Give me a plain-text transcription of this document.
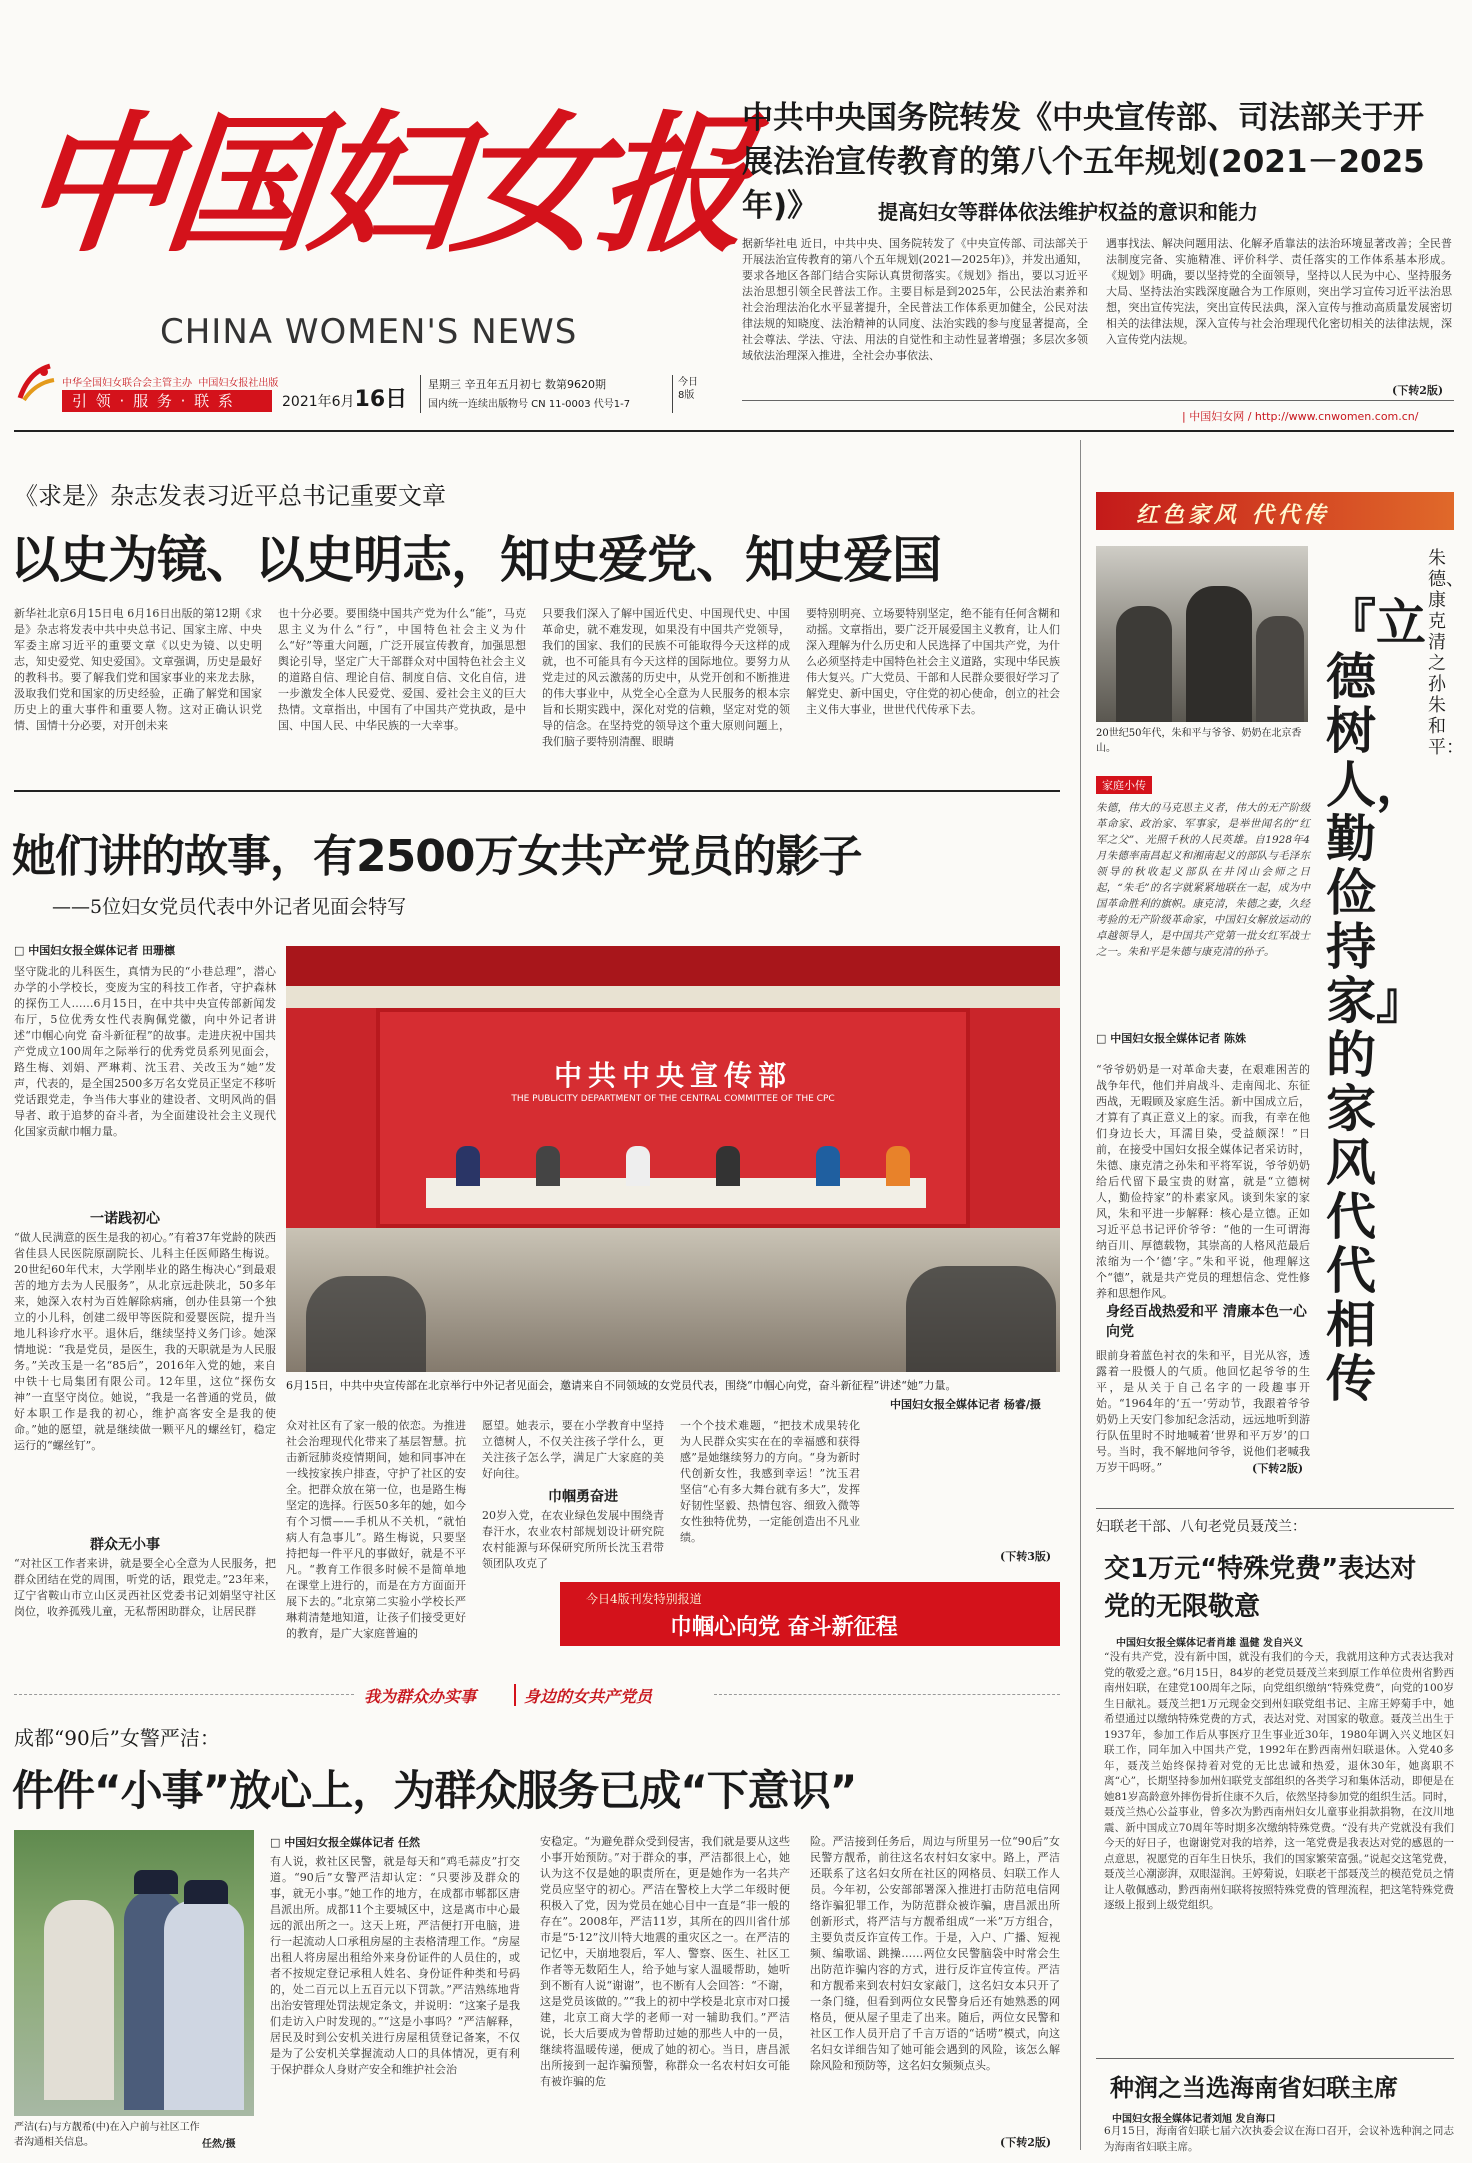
中国妇女报
CHINA WOMEN'S NEWS
中华全国妇女联合会主管主办 中国妇女报社出版
引 领 · 服 务 · 联 系	2021年6月16日
星期三 辛丑年五月初七 数第9620期
国内统一连续出版物号 CN 11-0003 代号1-7
今日8版
中共中央国务院转发《中央宣传部、司法部关于开展法治宣传教育的第八个五年规划(2021－2025年)》	提高妇女等群体依法维护权益的意识和能力
据新华社电 近日，中共中央、国务院转发了《中央宣传部、司法部关于开展法治宣传教育的第八个五年规划(2021—2025年)》，并发出通知，要求各地区各部门结合实际认真贯彻落实。《规划》指出，要以习近平法治思想引领全民普法工作。主要目标是到2025年，公民法治素养和社会治理法治化水平显著提升，全民普法工作体系更加健全，公民对法律法规的知晓度、法治精神的认同度、法治实践的参与度显著提高，全社会尊法、学法、守法、用法的自觉性和主动性显著增强；多层次多领域依法治理深入推进，全社会办事依法、
遇事找法、解决问题用法、化解矛盾靠法的法治环境显著改善；全民普法制度完备、实施精准、评价科学、责任落实的工作体系基本形成。《规划》明确，要以坚持党的全面领导，坚持以人民为中心、坚持服务大局、坚持法治实践深度融合为工作原则，突出学习宣传习近平法治思想，突出宣传宪法，突出宣传民法典，深入宣传与推动高质量发展密切相关的法律法规，深入宣传与社会治理现代化密切相关的法律法规，深入宣传党内法规。
(下转2版)
| 中国妇女网 / http://www.cnwomen.com.cn/
《求是》杂志发表习近平总书记重要文章
以史为镜、以史明志，知史爱党、知史爱国
新华社北京6月15日电 6月16日出版的第12期《求是》杂志将发表中共中央总书记、国家主席、中央军委主席习近平的重要文章《以史为镜、以史明志，知史爱党、知史爱国》。文章强调，历史是最好的教科书。要了解我们党和国家事业的来龙去脉，汲取我们党和国家的历史经验，正确了解党和国家历史上的重大事件和重要人物。这对正确认识党情、国情十分必要，对开创未来
也十分必要。要围绕中国共产党为什么“能”，马克思主义为什么“行”，中国特色社会主义为什么“好”等重大问题，广泛开展宣传教育，加强思想舆论引导，坚定广大干部群众对中国特色社会主义的道路自信、理论自信、制度自信、文化自信，进一步激发全体人民爱党、爱国、爱社会主义的巨大热情。文章指出，中国有了中国共产党执政，是中国、中国人民、中华民族的一大幸事。
只要我们深入了解中国近代史、中国现代史、中国革命史，就不难发现，如果没有中国共产党领导，我们的国家、我们的民族不可能取得今天这样的成就，也不可能具有今天这样的国际地位。要努力从党走过的风云激荡的历史中，从党开创和不断推进的伟大事业中，从党全心全意为人民服务的根本宗旨和长期实践中，深化对党的信赖，坚定对党的领导的信念。在坚持党的领导这个重大原则问题上，我们脑子要特别清醒、眼睛
要特别明亮、立场要特别坚定，绝不能有任何含糊和动摇。文章指出，要广泛开展爱国主义教育，让人们深入理解为什么历史和人民选择了中国共产党，为什么必须坚持走中国特色社会主义道路，实现中华民族伟大复兴。广大党员、干部和人民群众要很好学习了解党史、新中国史，守住党的初心使命，创立的社会主义伟大事业，世世代代传承下去。
她们讲的故事，有2500万女共产党员的影子
——5位妇女党员代表中外记者见面会特写
□ 中国妇女报全媒体记者 田珊檩
坚守陇北的儿科医生，真情为民的“小巷总理”，潜心办学的小学校长，变废为宝的科技工作者，守护森林的探伤工人……6月15日，在中共中央宣传部新闻发布厅，5位优秀女性代表胸佩党徽，向中外记者讲述“巾帼心向党 奋斗新征程”的故事。走进庆祝中国共产党成立100周年之际举行的优秀党员系列见面会，路生梅、刘娟、严琳莉、沈玉君、关改玉为“她”发声，代表的，是全国2500多万名女党员正坚定不移听党话跟党走，争当伟大事业的建设者、文明风尚的倡导者、敢于追梦的奋斗者，为全面建设社会主义现代化国家贡献巾帼力量。
一诺践初心
“做人民满意的医生是我的初心。”有着37年党龄的陕西省佳县人民医院原副院长、儿科主任医师路生梅说。20世纪60年代末，大学刚毕业的路生梅决心“到最艰苦的地方去为人民服务”，从北京远赴陕北，50多年来，她深入农村为百姓解除病痛，创办佳县第一个独立的小儿科，创建二级甲等医院和爱婴医院，提升当地儿科诊疗水平。退休后，继续坚持义务门诊。她深情地说：“我是党员，是医生，我的天职就是为人民服务。”关改玉是一名“85后”，2016年入党的她，来自中铁十七局集团有限公司。12年里，这位“探伤女神”一直坚守岗位。她说，“我是一名普通的党员，做好本职工作是我的初心，维护高客安全是我的使命。”她的愿望，就是继续做一颗平凡的螺丝钉，稳定运行的“螺丝钉”。
群众无小事
“对社区工作者来讲，就是要全心全意为人民服务，把群众团结在党的周围，听党的话，跟党走。”23年来，辽宁省鞍山市立山区灵西社区党委书记刘娟坚守社区岗位，收养孤残儿童，无私帮困助群众，让居民群
中共中央宣传部
THE PUBLICITY DEPARTMENT OF THE CENTRAL COMMITTEE OF THE CPC
6月15日，中共中央宣传部在北京举行中外记者见面会，邀请来自不同领域的女党员代表，围绕“巾帼心向党，奋斗新征程”讲述“她”力量。
中国妇女报全媒体记者 杨睿/摄
众对社区有了家一般的依恋。为推进社会治理现代化带来了基层智慧。抗击新冠肺炎疫情期间，她和同事冲在一线按家挨户排查，守护了社区的安全。把群众放在第一位，也是路生梅坚定的选择。行医50多年的她，如今有个习惯——手机从不关机，“就怕病人有急事儿”。路生梅说，只要坚持把每一件平凡的事做好，就是不平凡。“教育工作很多时候不是简单地在课堂上进行的，而是在方方面面开展下去的。”北京第二实验小学校长严琳莉清楚地知道，让孩子们接受更好的教育，是广大家庭普遍的
愿望。她表示，要在小学教育中坚持立德树人，不仅关注孩子学什么，更关注孩子怎么学，满足广大家庭的美好向往。
巾帼勇奋进
20岁入党，在农业绿色发展中围绕青春汗水，农业农村部规划设计研究院农村能源与环保研究所所长沈玉君带领团队攻克了
一个个技术难题，“把技术成果转化为人民群众实实在在的幸福感和获得感”是她继续努力的方向。“身为新时代创新女性，我感到幸运！”沈玉君坚信“心有多大舞台就有多大”，发挥好韧性坚毅、热情包容、细致入微等女性独特优势，一定能创造出不凡业绩。
(下转3版)
今日4版刊发特别报道
巾帼心向党 奋斗新征程
我为群众办实事	身边的女共产党员
成都“90后”女警严洁：
件件“小事”放心上，为群众服务已成“下意识”
严洁(右)与方靓希(中)在入户前与社区工作者沟通相关信息。	任然/摄
□ 中国妇女报全媒体记者 任然
有人说，救社区民警，就是每天和“鸡毛蒜皮”打交道。“90后”女警严洁却认定：“只要涉及群众的事，就无小事。”她工作的地方，在成都市郫都区唐昌派出所。成都11个主要城区中，这是离市中心最远的派出所之一。这天上班，严洁便打开电脑，进行一起流动人口承租房屋的主表格清理工作。“房屋出租人将房屋出租给外来身份证件的人员住的，或者不按规定登记承租人姓名、身份证件种类和号码的，处二百元以上五百元以下罚款。”严洁熟练地背出治安管理处罚法规定条文，并说明：“这案子是我们走访入户时发现的。”“这是小事吗？”严洁解释，居民及时到公安机关进行房屋租赁登记备案，不仅是为了公安机关掌握流动人口的具体情况，更有利于保护群众人身财产安全和维护社会治
安稳定。“为避免群众受到侵害，我们就是要从这些小事开始预防。”对于群众的事，严洁都很上心，她认为这不仅是她的职责所在，更是她作为一名共产党员应坚守的初心。严洁在警校上大学二年级时便积极入了党，因为党员在她心目中一直是“非一般的存在”。2008年，严洁11岁，其所在的四川省什邡市是“5·12”汶川特大地震的重灾区之一。在严洁的记忆中，天崩地裂后，军人、警察、医生、社区工作者等无数陌生人，给予她与家人温暖帮助，她听到不断有人说“谢谢”，也不断有人会回答：“不谢，这是党员该做的。”“我上的初中学校是北京市对口援建，北京工商大学的老师一对一辅助我们。”严洁说，长大后要成为曾帮助过她的那些人中的一员，继续将温暖传递，便成了她的初心。当日，唐昌派出所接到一起诈骗预警，称群众一名农村妇女可能有被诈骗的危
险。严洁接到任务后，周边与所里另一位“90后”女民警方靓希，前往这名农村妇女家中。路上，严洁还联系了这名妇女所在社区的网格员、妇联工作人员。今年初，公安部部署深入推进打击防范电信网络诈骗犯罪工作，为防范群众被诈骗，唐昌派出所创新形式，将严洁与方靓希组成“一米”万方组合，主要负责反诈宣传工作。于是，入户、广播、短视频、编歌谣、跳操……两位女民警脑袋中时常会生出防范诈骗内容的方式，进行反诈宣传宣传。严洁和方靓希来到农村妇女家敲门，这名妇女本只开了一条门缝，但看到两位女民警身后还有她熟悉的网格员，便从屋子里走了出来。随后，两位女民警和社区工作人员开启了千言万语的“话唠”模式，向这名妇女详细告知了她可能会遇到的风险，该怎么解除风险和预防等，这名妇女频频点头。
(下转2版)
红色家风 代代传
20世纪50年代，朱和平与爷爷、奶奶在北京香山。
朱德、康克清之孙朱和平：
『立德树人，勤俭持家』的家风代代相传
家庭小传
朱德，伟大的马克思主义者，伟大的无产阶级革命家、政治家、军事家，是举世闻名的“红军之父”、光照千秋的人民英雄。自1928年4月朱德率南昌起义和湘南起义的部队与毛泽东领导的秋收起义部队在井冈山会师之日起，“朱毛”的名字就紧紧地联在一起，成为中国革命胜利的旗帜。康克清，朱德之妻，久经考验的无产阶级革命家，中国妇女解放运动的卓越领导人，是中国共产党第一批女红军战士之一。朱和平是朱德与康克清的孙子。
□ 中国妇女报全媒体记者 陈姝
“爷爷奶奶是一对革命夫妻，在艰难困苦的战争年代，他们并肩战斗、走南闯北、东征西战，无暇顾及家庭生活。新中国成立后，才算有了真正意义上的家。而我，有幸在他们身边长大，耳濡目染，受益颇深！”日前，在接受中国妇女报全媒体记者采访时，朱德、康克清之孙朱和平将军说，爷爷奶奶给后代留下最宝贵的财富，就是“立德树人，勤俭持家”的朴素家风。谈到朱家的家风，朱和平进一步解释：核心是立德。正如习近平总书记评价爷爷：“他的一生可谓海纳百川、厚德载物，其崇高的人格风范最后浓缩为一个‘德’字。”朱和平说，他理解这个“德”，就是共产党员的理想信念、党性修养和思想作风。
身经百战热爱和平 清廉本色一心向党
眼前身着蓝色衬衣的朱和平，目光从容，透露着一股慑人的气质。他回忆起爷爷的生平，是从关于自己名字的一段趣事开始。“1964年的‘五一’劳动节，我跟着爷爷奶奶上天安门参加纪念活动，远远地听到游行队伍里时不时地喊着‘世界和平万岁’的口号。当时，我不解地问爷爷，说他们老喊我万岁干吗呀。”	(下转2版)
妇联老干部、八旬老党员聂茂兰：
交1万元“特殊党费”表达对党的无限敬意
中国妇女报全媒体记者肖雄 温健 发自兴义
“没有共产党，没有新中国，就没有我们的今天，我就用这种方式表达我对党的敬爱之意。”6月15日，84岁的老党员聂茂兰来到原工作单位贵州省黔西南州妇联，在建党100周年之际，向党组织缴纳“特殊党费”，向党的100岁生日献礼。聂茂兰把1万元现金交到州妇联党组书记、主席王婷菊手中，她希望通过以缴纳特殊党费的方式，表达对党、对国家的敬意。聂茂兰出生于1937年，参加工作后从事医疗卫生事业近30年，1980年调入兴义地区妇联工作，同年加入中国共产党，1992年在黔西南州妇联退休。入党40多年，聂茂兰始终保持着对党的无比忠诚和热爱，退休30年，她离职不离“心”，长期坚持参加州妇联党支部组织的各类学习和集体活动，即便是在她81岁高龄意外摔伤骨折住康不久后，依然坚持参加党的组织生活。同时，聂茂兰热心公益事业，曾多次为黔西南州妇女儿童事业捐款捐物，在汶川地震、新中国成立70周年等时期多次缴纳特殊党费。“没有共产党就没有我们今天的好日子，也谢谢党对我的培养，这一笔党费是我表达对党的感恩的一点意思，祝愿党的百年生日快乐，我们的国家繁荣富强。”说起交这笔党费，聂茂兰心潮澎湃，双眼湿润。王婷菊说，妇联老干部聂茂兰的模范党员之情让人敬佩感动，黔西南州妇联将按照特殊党费的管理流程，把这笔特殊党费逐级上报到上级党组织。
种润之当选海南省妇联主席
中国妇女报全媒体记者刘旭 发自海口
6月15日，海南省妇联七届六次执委会议在海口召开，会议补选种润之同志为海南省妇联主席。
